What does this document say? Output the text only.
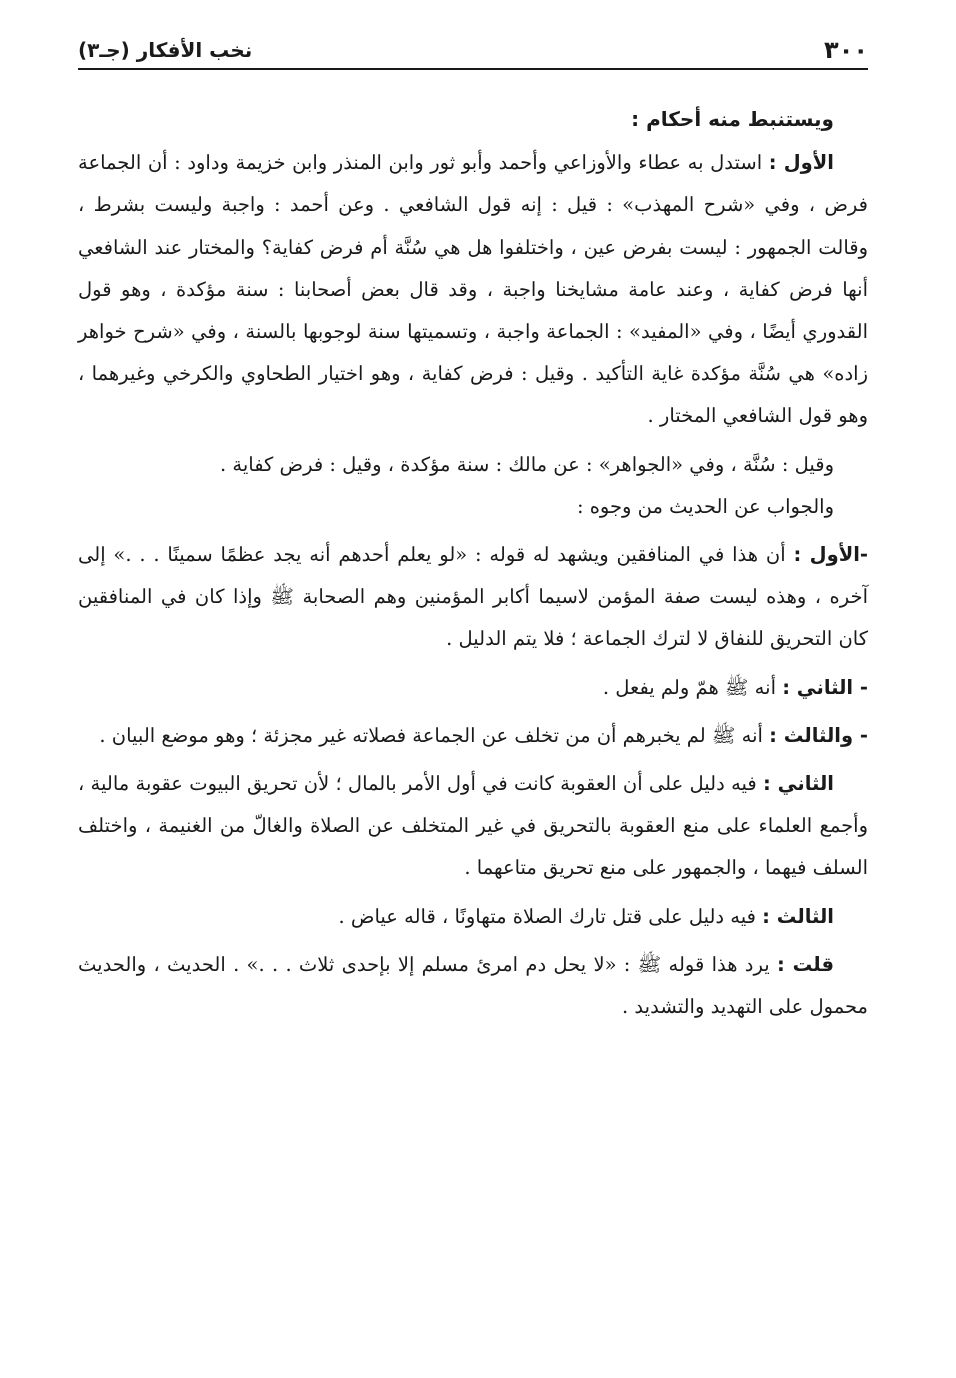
٣٠٠
نخب الأفكار (جـ٣)

ويستنبط منه أحكام :

الأول : استدل به عطاء والأوزاعي وأحمد وأبو ثور وابن المنذر وابن خزيمة وداود : أن الجماعة فرض ، وفي «شرح المهذب» : قيل : إنه قول الشافعي . وعن أحمد : واجبة وليست بشرط ، وقالت الجمهور : ليست بفرض عين ، واختلفوا هل هي سُنَّة أم فرض كفاية؟ والمختار عند الشافعي أنها فرض كفاية ، وعند عامة مشايخنا واجبة ، وقد قال بعض أصحابنا : سنة مؤكدة ، وهو قول القدوري أيضًا ، وفي «المفيد» : الجماعة واجبة ، وتسميتها سنة لوجوبها بالسنة ، وفي «شرح خواهر زاده» هي سُنَّة مؤكدة غاية التأكيد . وقيل : فرض كفاية ، وهو اختيار الطحاوي والكرخي وغيرهما ، وهو قول الشافعي المختار .

وقيل : سُنَّة ، وفي «الجواهر» : عن مالك : سنة مؤكدة ، وقيل : فرض كفاية .

والجواب عن الحديث من وجوه :

-الأول : أن هذا في المنافقين ويشهد له قوله : «لو يعلم أحدهم أنه يجد عظمًا سمينًا . . .» إلى آخره ، وهذه ليست صفة المؤمن لاسيما أكابر المؤمنين وهم الصحابة ﷺ وإذا كان في المنافقين كان التحريق للنفاق لا لترك الجماعة ؛ فلا يتم الدليل .

- الثاني : أنه ﷺ همّ ولم يفعل .

- والثالث : أنه ﷺ لم يخبرهم أن من تخلف عن الجماعة فصلاته غير مجزئة ؛ وهو موضع البيان .

الثاني : فيه دليل على أن العقوبة كانت في أول الأمر بالمال ؛ لأن تحريق البيوت عقوبة مالية ، وأجمع العلماء على منع العقوبة بالتحريق في غير المتخلف عن الصلاة والغالّ من الغنيمة ، واختلف السلف فيهما ، والجمهور على منع تحريق متاعهما .

الثالث : فيه دليل على قتل تارك الصلاة متهاونًا ، قاله عياض .

قلت : يرد هذا قوله ﷺ : «لا يحل دم امرئ مسلم إلا بإحدى ثلاث . . .» . الحديث ، والحديث محمول على التهديد والتشديد .
